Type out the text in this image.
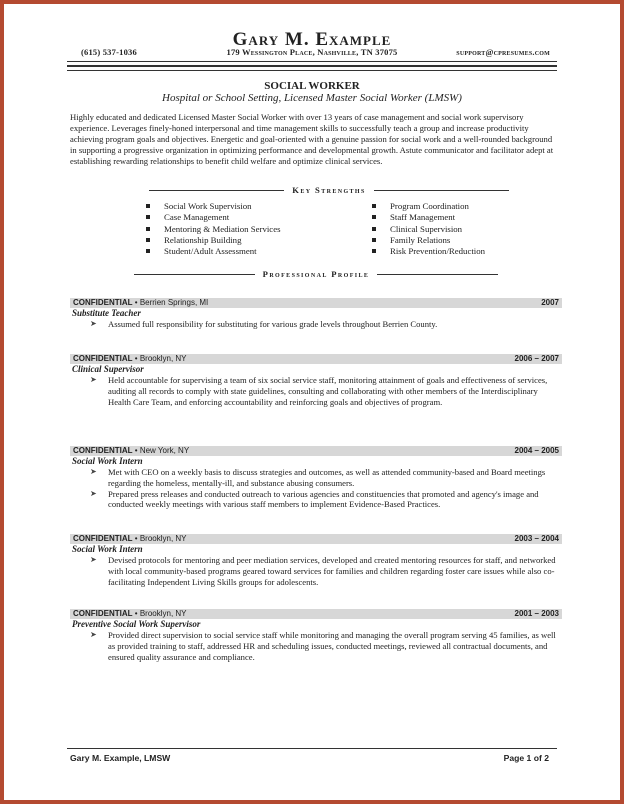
Gary M. Example
(615) 537-1036	179 Wessington Place, Nashville, TN 37075	support@cpresumes.com
SOCIAL WORKER
Hospital or School Setting, Licensed Master Social Worker (LMSW)

Highly educated and dedicated Licensed Master Social Worker with over 13 years of case management and social work supervisory experience. Leverages finely-honed interpersonal and time management skills to successfully teach a group and increase productivity achieving program goals and objectives. Energetic and goal-oriented with a genuine passion for social work and a well-rounded background in supporting a progressive organization in optimizing performance and developmental growth. Astute communicator and facilitator adept at establishing rewarding relationships to benefit child welfare and optimize clinical services.

Key Strengths
Social Work Supervision
Case Management
Mentoring & Mediation Services
Relationship Building
Student/Adult Assessment
Program Coordination
Staff Management
Clinical Supervision
Family Relations
Risk Prevention/Reduction
Professional Profile
CONFIDENTIAL • Berrien Springs, MI	2007
Substitute Teacher
➤ Assumed full responsibility for substituting for various grade levels throughout Berrien County.
CONFIDENTIAL • Brooklyn, NY	2006 – 2007
Clinical Supervisor
➤ Held accountable for supervising a team of six social service staff, monitoring attainment of goals and effectiveness of services, auditing all records to comply with state guidelines, consulting and collaborating with other members of the Interdisciplinary Health Care Team, and enforcing accountability and reinforcing goals and objectives of program.
CONFIDENTIAL • New York, NY	2004 – 2005
Social Work Intern
➤ Met with CEO on a weekly basis to discuss strategies and outcomes, as well as attended community-based and Board meetings regarding the homeless, mentally-ill, and substance abusing consumers.
➤ Prepared press releases and conducted outreach to various agencies and constituencies that promoted and agency's image and conducted weekly meetings with various staff members to implement Evidence-Based Practices.
CONFIDENTIAL • Brooklyn, NY	2003 – 2004
Social Work Intern
➤ Devised protocols for mentoring and peer mediation services, developed and created mentoring resources for staff, and networked with local community-based programs geared toward services for families and children regarding foster care issues while also co-facilitating Independent Living Skills groups for adolescents.
CONFIDENTIAL • Brooklyn, NY	2001 – 2003
Preventive Social Work Supervisor
➤ Provided direct supervision to social service staff while monitoring and managing the overall program serving 45 families, as well as provided training to staff, addressed HR and scheduling issues, conducted meetings, reviewed all contractual documents, and ensured quality assurance and compliance.
Gary M. Example, LMSW	Page 1 of 2
